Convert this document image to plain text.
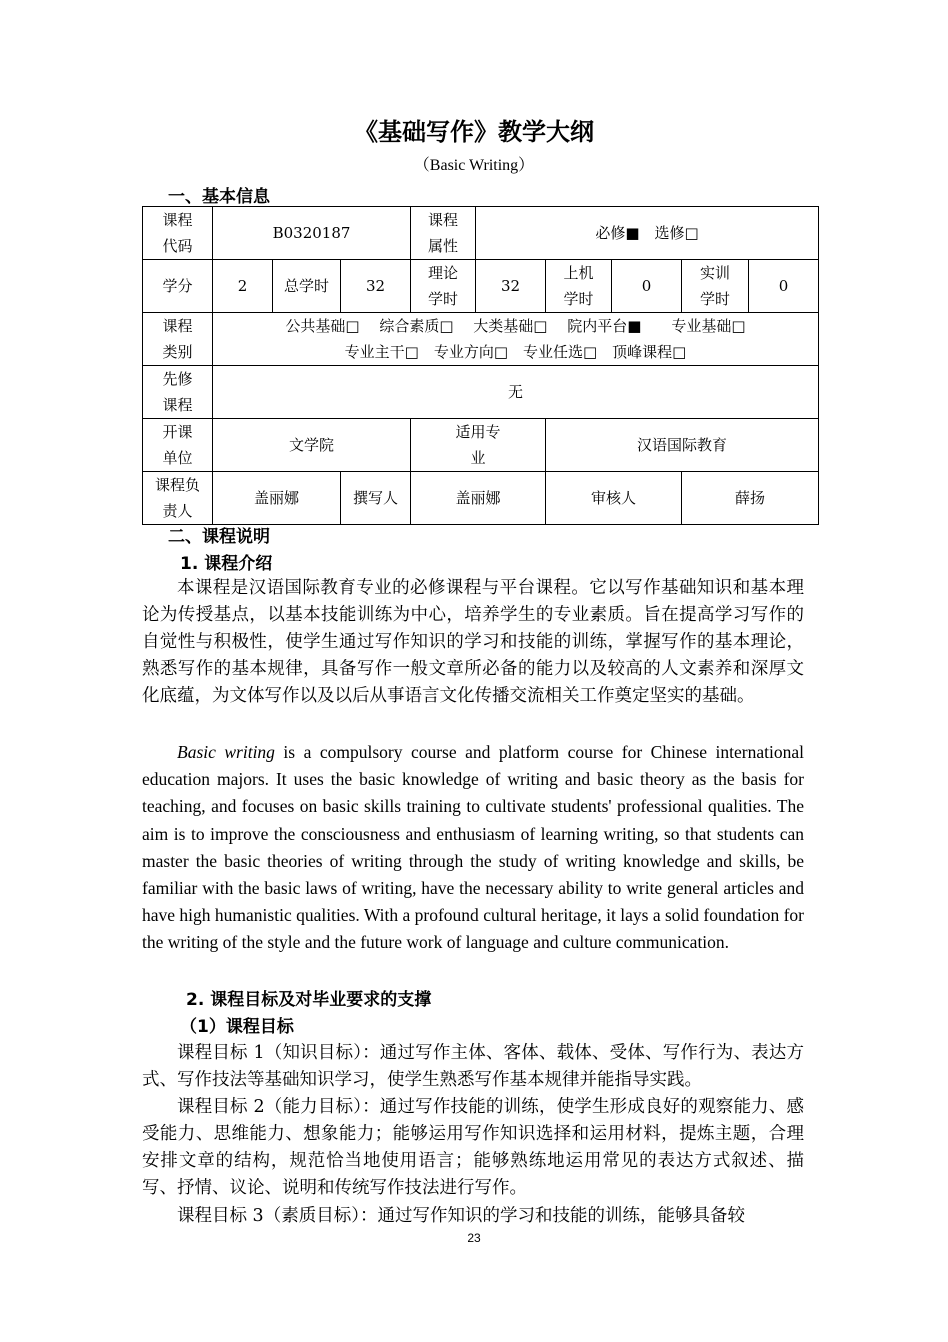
《基础写作》教学大纲
（Basic Writing）
一、基本信息
课程代码	B0320187			课程属性	必修■　选修□				
学分	2	总学时	32	理论学时	32	上机学时	0	实训学时	0
课程类别	公共基础□　 综合素质□　 大类基础□　 院内平台■　　专业基础□
专业主干□　专业方向□　专业任选□　顶峰课程□								

先修课程	无								
开课单位	文学院			适用专业		汉语国际教育			
课程负责人	盖丽娜		撰写人	盖丽娜		审核人		薛扬	
二、课程说明
1. 课程介绍
本课程是汉语国际教育专业的必修课程与平台课程。它以写作基础知识和基本理论为传授基点，以基本技能训练为中心，培养学生的专业素质。旨在提高学习写作的自觉性与积极性，使学生通过写作知识的学习和技能的训练，掌握写作的基本理论，熟悉写作的基本规律，具备写作一般文章所必备的能力以及较高的人文素养和深厚文化底蕴，为文体写作以及以后从事语言文化传播交流相关工作奠定坚实的基础。
Basic writing is a compulsory course and platform course for Chinese international education majors. It uses the basic knowledge of writing and basic theory as the basis for teaching, and focuses on basic skills training to cultivate students' professional qualities. The aim is to improve the consciousness and enthusiasm of learning writing, so that students can master the basic theories of writing through the study of writing knowledge and skills, be familiar with the basic laws of writing, have the necessary ability to write general articles and have high humanistic qualities. With a profound cultural heritage, it lays a solid foundation for the writing of the style and the future work of language and culture communication.
2. 课程目标及对毕业要求的支撑
（1）课程目标
课程目标 1（知识目标）：通过写作主体、客体、载体、受体、写作行为、表达方式、写作技法等基础知识学习，使学生熟悉写作基本规律并能指导实践。
课程目标 2（能力目标）：通过写作技能的训练，使学生形成良好的观察能力、感受能力、思维能力、想象能力；能够运用写作知识选择和运用材料，提炼主题，合理安排文章的结构，规范恰当地使用语言；能够熟练地运用常见的表达方式叙述、描写、抒情、议论、说明和传统写作技法进行写作。
课程目标 3（素质目标）：通过写作知识的学习和技能的训练，能够具备较
23
